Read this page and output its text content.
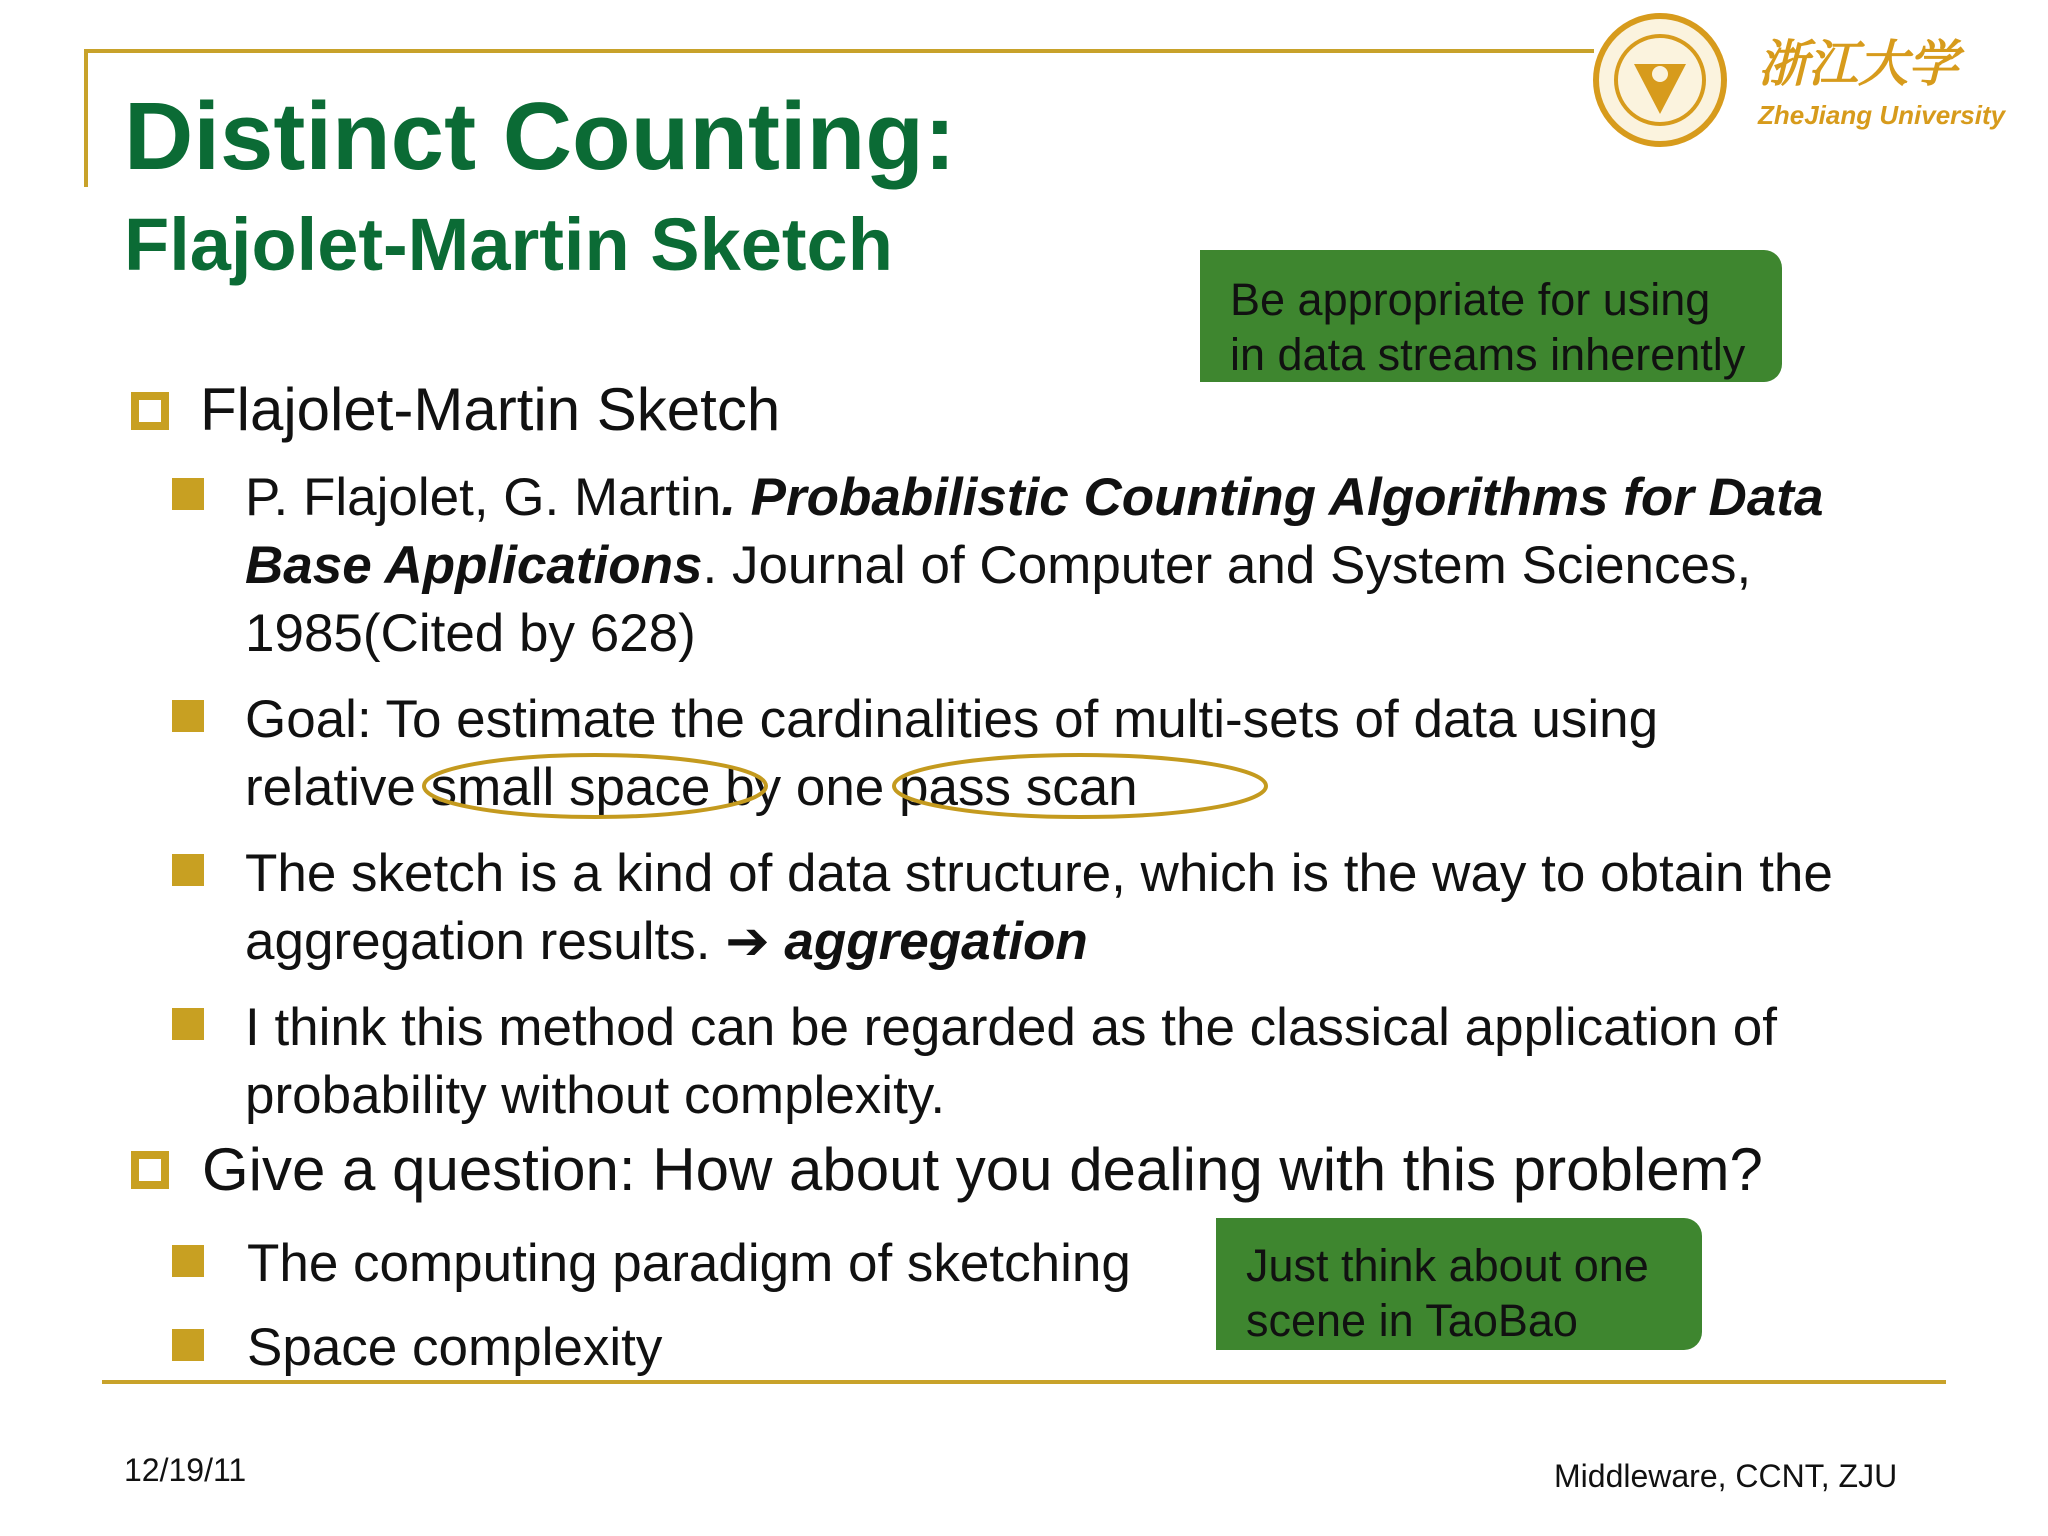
Distinct Counting:
Flajolet-Martin Sketch
浙江大学
ZheJiang University
Be appropriate for using
in data streams inherently
Flajolet-Martin Sketch
P. Flajolet, G. Martin. Probabilistic Counting Algorithms for Data
Base Applications. Journal of Computer and System Sciences,
1985(Cited by 628)
Goal: To estimate the cardinalities of multi-sets of data using
relative small space by one pass scan
The sketch is a kind of data structure, which is the way to obtain the
aggregation results. ➔ aggregation
I think this method can be regarded as the classical application of
probability without complexity.
Give a question: How about you dealing with this problem?
The computing paradigm of sketching	Just think about one
scene in TaoBao
Space complexity
12/19/11	Middleware, CCNT, ZJU
